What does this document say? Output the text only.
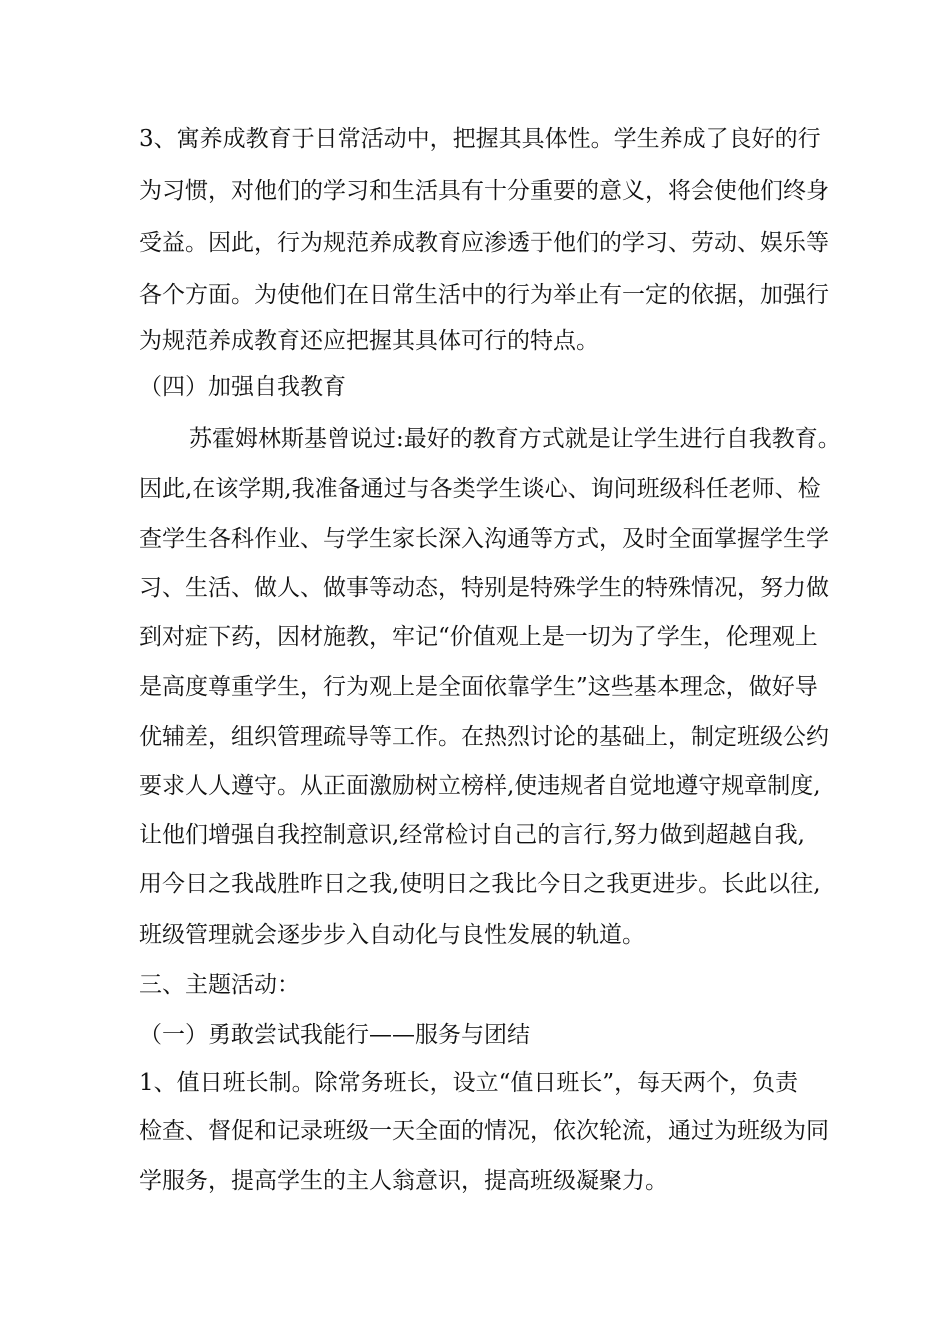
3、寓养成教育于日常活动中，把握其具体性。学生养成了良好的行
为习惯，对他们的学习和生活具有十分重要的意义，将会使他们终身
受益。因此，行为规范养成教育应渗透于他们的学习、劳动、娱乐等
各个方面。为使他们在日常生活中的行为举止有一定的依据，加强行
为规范养成教育还应把握其具体可行的特点。
（四）加强自我教育
苏霍姆林斯基曾说过:最好的教育方式就是让学生进行自我教育。
因此,在该学期,我准备通过与各类学生谈心、询问班级科任老师、检
查学生各科作业、与学生家长深入沟通等方式，及时全面掌握学生学
习、生活、做人、做事等动态，特别是特殊学生的特殊情况，努力做
到对症下药，因材施教，牢记“价值观上是一切为了学生，伦理观上
是高度尊重学生，行为观上是全面依靠学生”这些基本理念，做好导
优辅差，组织管理疏导等工作。在热烈讨论的基础上，制定班级公约
要求人人遵守。从正面激励树立榜样,使违规者自觉地遵守规章制度,
让他们增强自我控制意识,经常检讨自己的言行,努力做到超越自我,
用今日之我战胜昨日之我,使明日之我比今日之我更进步。长此以往,
班级管理就会逐步步入自动化与良性发展的轨道。
三、主题活动：
（一）勇敢尝试我能行——服务与团结
1、值日班长制。除常务班长，设立“值日班长”，每天两个，负责
检查、督促和记录班级一天全面的情况，依次轮流，通过为班级为同
学服务，提高学生的主人翁意识，提高班级凝聚力。
